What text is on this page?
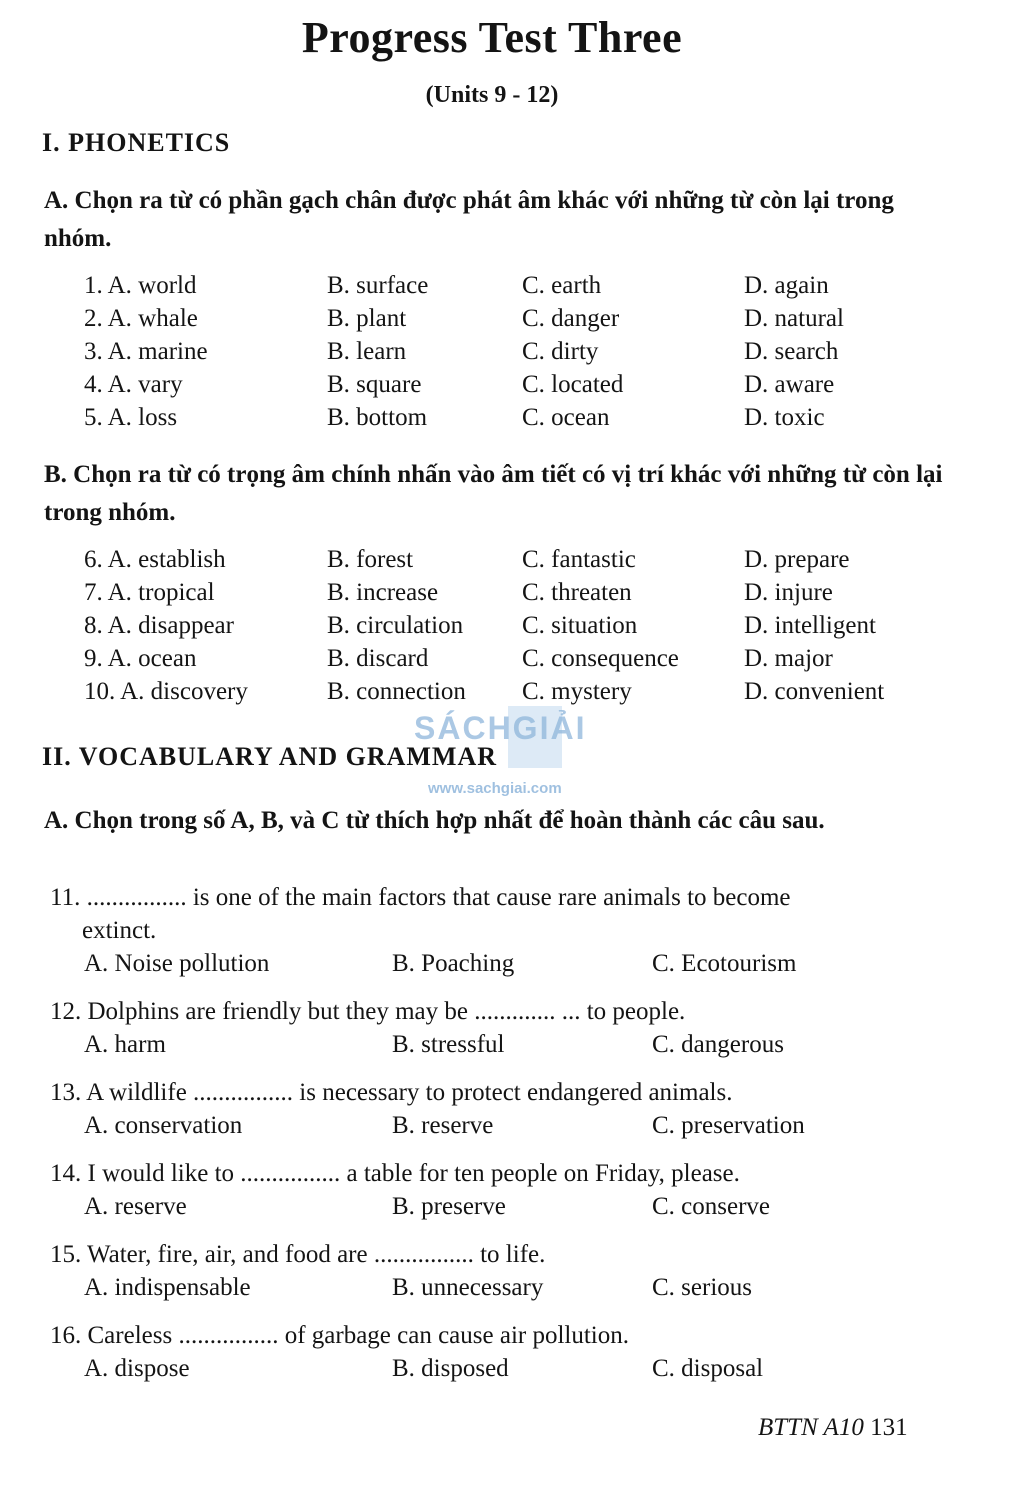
Progress Test Three
(Units 9 - 12)
I. PHONETICS
A. Chọn ra từ có phần gạch chân được phát âm khác với những từ còn lại trong nhóm.
1. A. world	B. surface	C. earth	D. again
2. A. whale	B. plant	C. danger	D. natural
3. A. marine	B. learn	C. dirty	D. search
4. A. vary	B. square	C. located	D. aware
5. A. loss	B. bottom	C. ocean	D. toxic
B. Chọn ra từ có trọng âm chính nhấn vào âm tiết có vị trí khác với những từ còn lại trong nhóm.
6. A. establish	B. forest	C. fantastic	D. prepare
7. A. tropical	B. increase	C. threaten	D. injure
8. A. disappear	B. circulation C. situation	D. intelligent
9. A. ocean	B. discard	C. consequence	D. major
10. A. discovery	B. connection C. mystery	D. convenient
II. VOCABULARY AND GRAMMAR
SÁCHGIẢI
www.sachgiai.com
A. Chọn trong số A, B, và C từ thích hợp nhất để hoàn thành các câu sau.
11. ................ is one of the main factors that cause rare animals to become
extinct.
A. Noise pollution	B. Poaching	C. Ecotourism
12. Dolphins are friendly but they may be ............. ... to people.
A. harm	B. stressful	C. dangerous
13. A wildlife ................ is necessary to protect endangered animals.
A. conservation	B. reserve	C. preservation
14. I would like to ................ a table for ten people on Friday, please.
A. reserve	B. preserve	C. conserve
15. Water, fire, air, and food are ................ to life.
A. indispensable	B. unnecessary	C. serious
16. Careless ................ of garbage can cause air pollution.
A. dispose	B. disposed	C. disposal
BTTN A10 131
